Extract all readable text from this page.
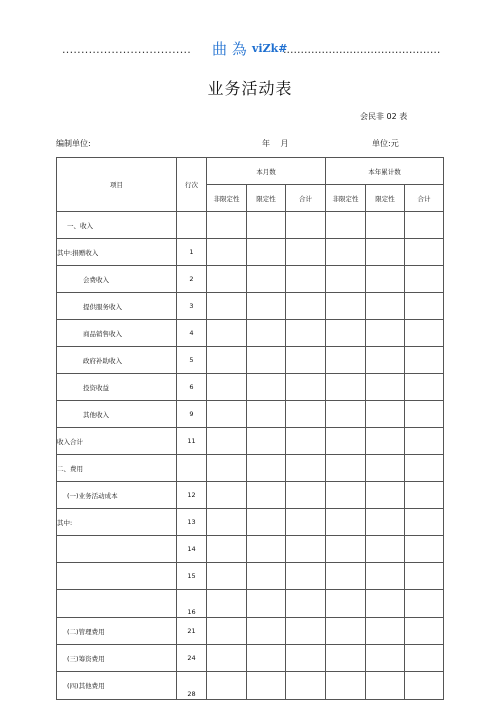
.................................. 曲 為 viZk#
.............................................
业务活动表
会民非 02 表
编制单位:	年 月	单位:元
项目	行次	本月数			本年累计数		
		非限定性	限定性	合计	非限定性	限定性	合计
一、收入							
其中:捐赠收入	1						
会费收入	2						
提供服务收入	3						
商品销售收入	4						
政府补助收入	5						
投资收益	6						
其他收入	9						
收入合计	11						
二、费用							
(一)业务活动成本	12						
其中:	13						
	14						
	15						
	16						
(二)管理费用	21						
(三)筹资费用	24						
(四)其他费用	28						
